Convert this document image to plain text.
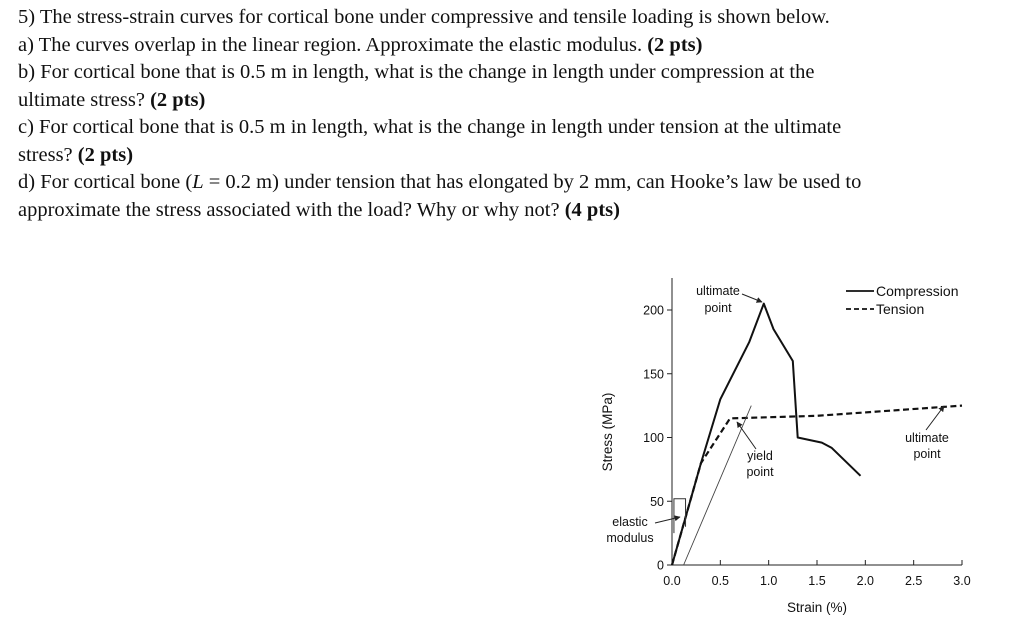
5) The stress-strain curves for cortical bone under compressive and tensile loading is shown below.

a) The curves overlap in the linear region. Approximate the elastic modulus. (2 pts)

b) For cortical bone that is 0.5 m in length, what is the change in length under compression at the

ultimate stress? (2 pts)

c) For cortical bone that is 0.5 m in length, what is the change in length under tension at the ultimate

stress? (2 pts)

d) For cortical bone (L = 0.2 m) under tension that has elongated by 2 mm, can Hooke’s law be used to

approximate the stress associated with the load? Why or why not? (4 pts)

0
50
100
150
200
0.0 0.5 1.0 1.5 2.0 2.5 3.0
Strain (%)
Stress (MPa)
ultimate
point
yield
point
ultimate
point
elastic
modulus
Compression
Tension
